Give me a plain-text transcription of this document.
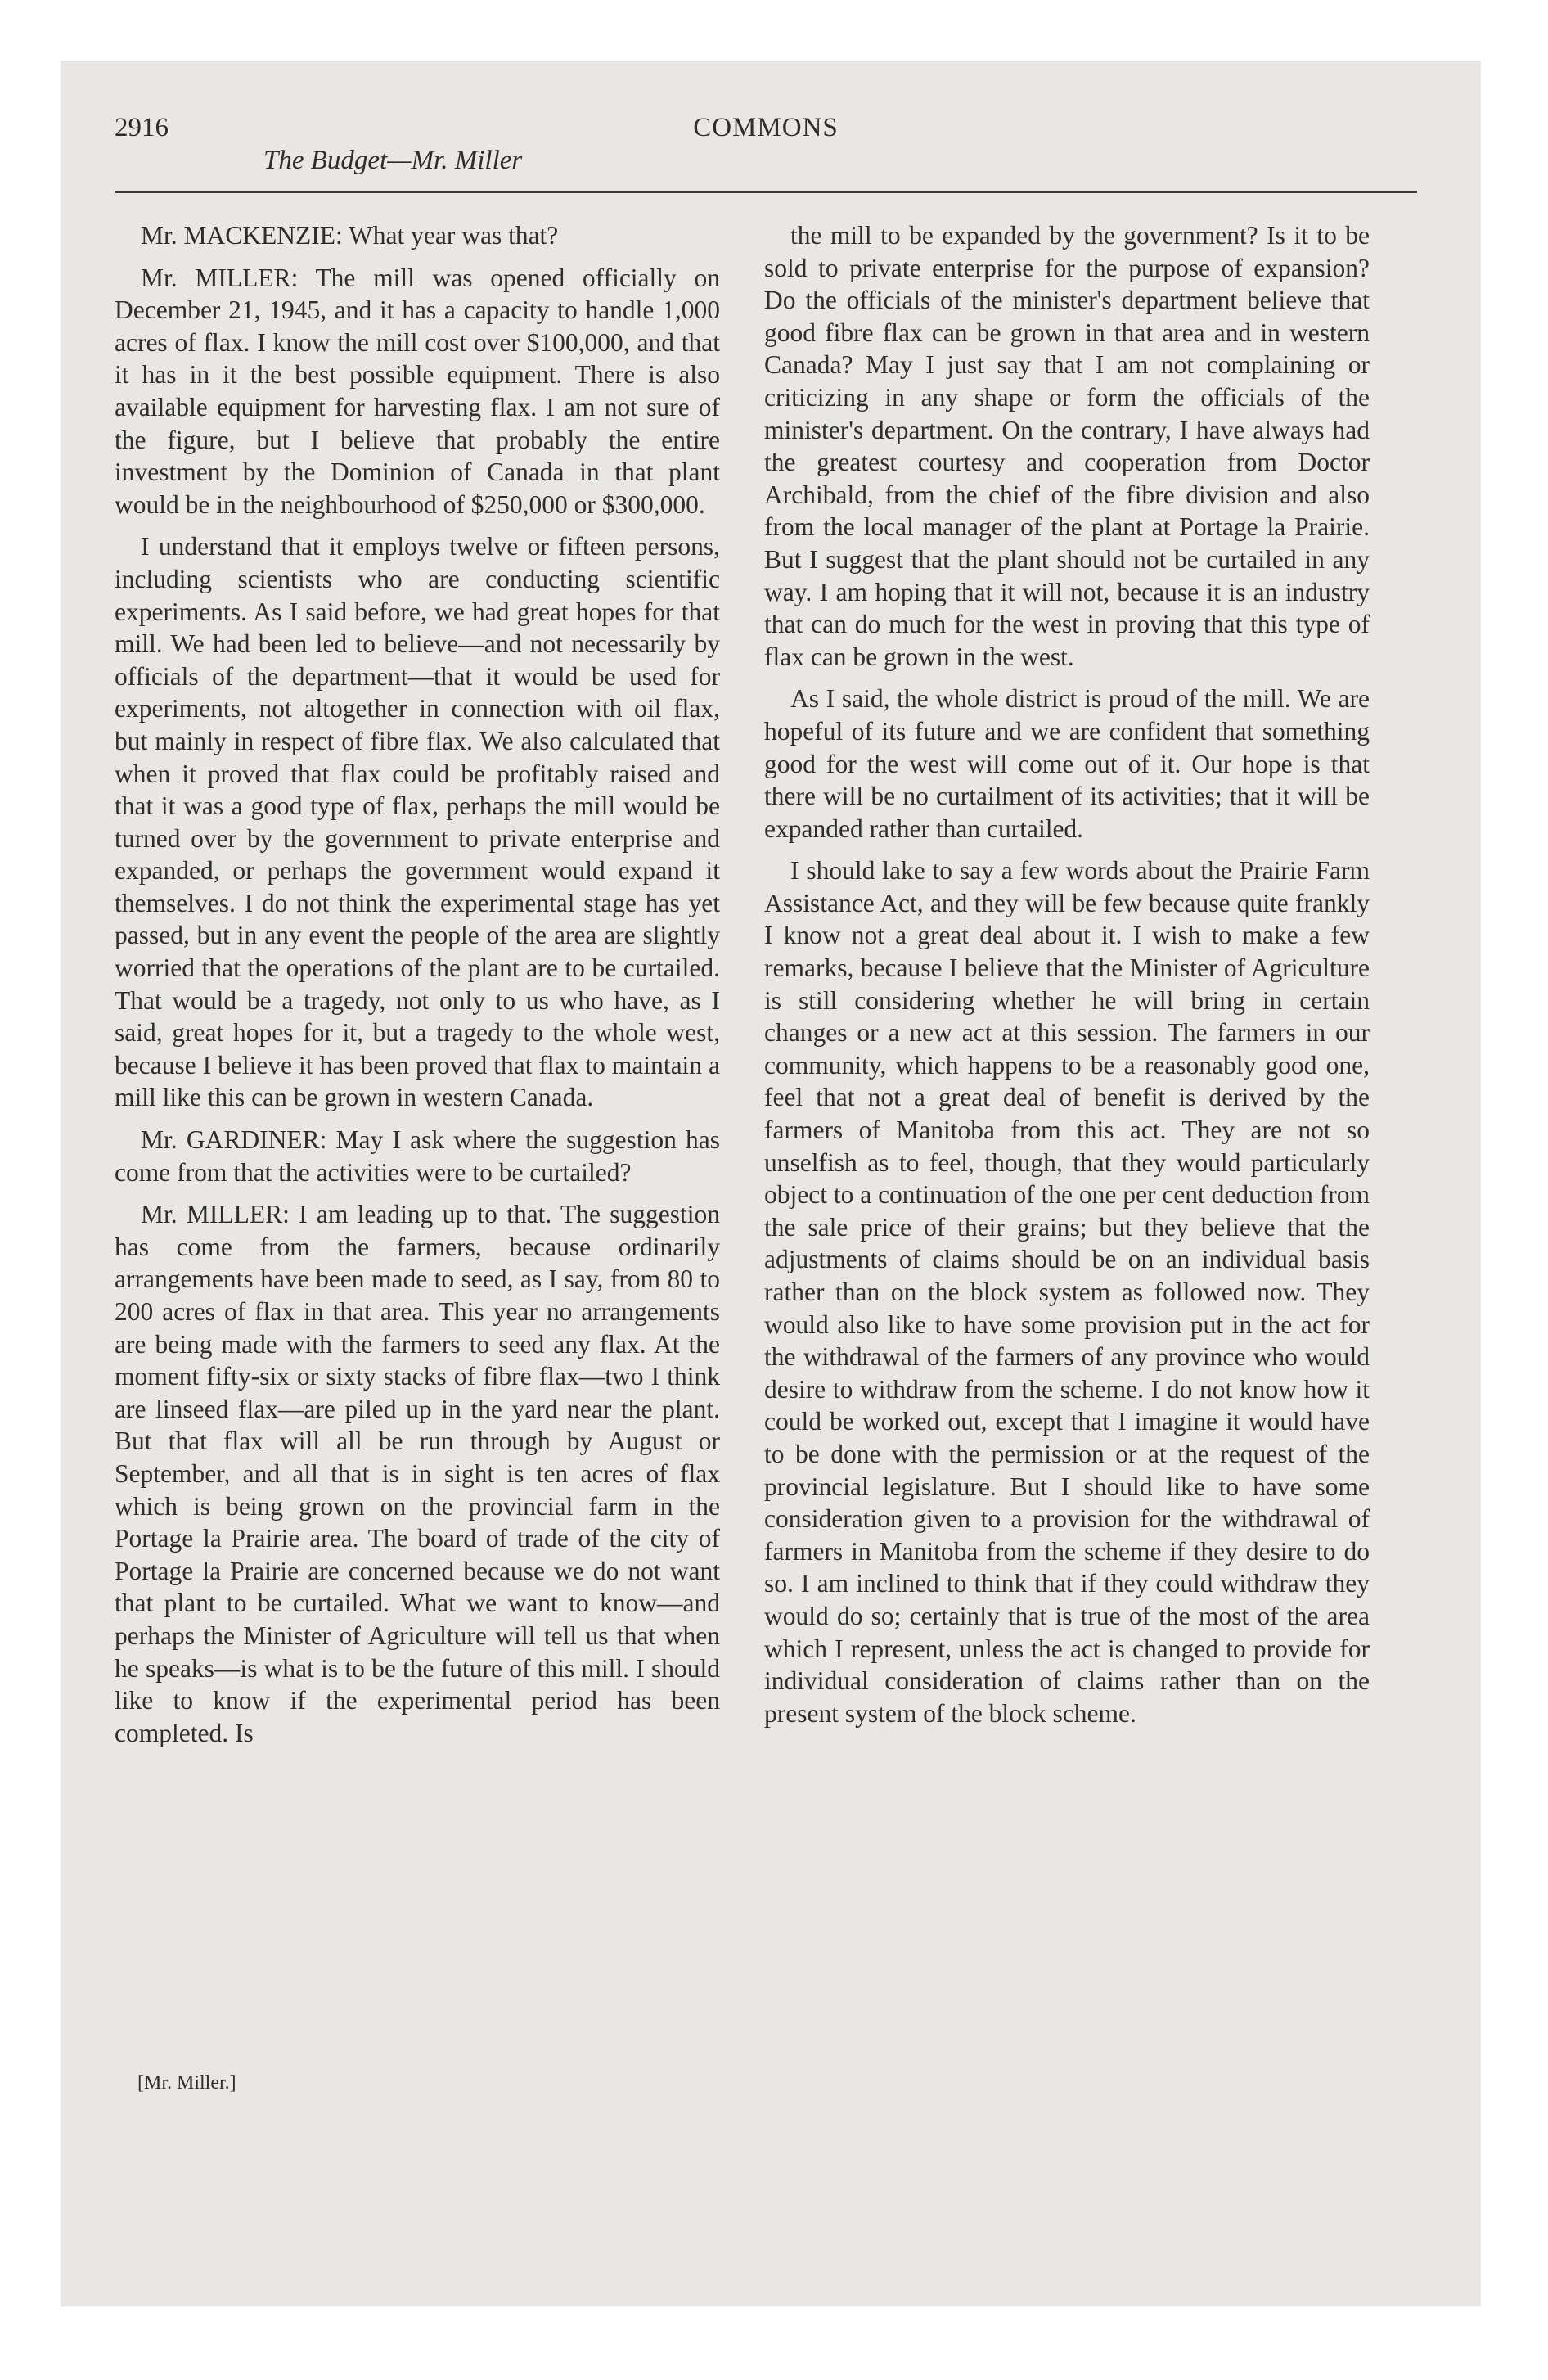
2916	COMMONS
The Budget—Mr. Miller

Mr. MACKENZIE: What year was that?

Mr. MILLER: The mill was opened officially on December 21, 1945, and it has a capacity to handle 1,000 acres of flax. I know the mill cost over $100,000, and that it has in it the best possible equipment. There is also available equipment for harvesting flax. I am not sure of the figure, but I believe that probably the entire investment by the Dominion of Canada in that plant would be in the neighbourhood of $250,000 or $300,000.

I understand that it employs twelve or fifteen persons, including scientists who are conducting scientific experiments. As I said before, we had great hopes for that mill. We had been led to believe—and not necessarily by officials of the department—that it would be used for experiments, not altogether in connection with oil flax, but mainly in respect of fibre flax. We also calculated that when it proved that flax could be profitably raised and that it was a good type of flax, perhaps the mill would be turned over by the government to private enterprise and expanded, or perhaps the government would expand it themselves. I do not think the experimental stage has yet passed, but in any event the people of the area are slightly worried that the operations of the plant are to be curtailed. That would be a tragedy, not only to us who have, as I said, great hopes for it, but a tragedy to the whole west, because I believe it has been proved that flax to maintain a mill like this can be grown in western Canada.

Mr. GARDINER: May I ask where the suggestion has come from that the activities were to be curtailed?

Mr. MILLER: I am leading up to that. The suggestion has come from the farmers, because ordinarily arrangements have been made to seed, as I say, from 80 to 200 acres of flax in that area. This year no arrangements are being made with the farmers to seed any flax. At the moment fifty-six or sixty stacks of fibre flax—two I think are linseed flax—are piled up in the yard near the plant. But that flax will all be run through by August or September, and all that is in sight is ten acres of flax which is being grown on the provincial farm in the Portage la Prairie area. The board of trade of the city of Portage la Prairie are concerned because we do not want that plant to be curtailed. What we want to know—and perhaps the Minister of Agriculture will tell us that when he speaks—is what is to be the future of this mill. I should like to know if the experimental period has been completed. Is

the mill to be expanded by the government? Is it to be sold to private enterprise for the purpose of expansion? Do the officials of the minister's department believe that good fibre flax can be grown in that area and in western Canada? May I just say that I am not complaining or criticizing in any shape or form the officials of the minister's department. On the contrary, I have always had the greatest courtesy and cooperation from Doctor Archibald, from the chief of the fibre division and also from the local manager of the plant at Portage la Prairie. But I suggest that the plant should not be curtailed in any way. I am hoping that it will not, because it is an industry that can do much for the west in proving that this type of flax can be grown in the west.

As I said, the whole district is proud of the mill. We are hopeful of its future and we are confident that something good for the west will come out of it. Our hope is that there will be no curtailment of its activities; that it will be expanded rather than curtailed.

I should lake to say a few words about the Prairie Farm Assistance Act, and they will be few because quite frankly I know not a great deal about it. I wish to make a few remarks, because I believe that the Minister of Agriculture is still considering whether he will bring in certain changes or a new act at this session. The farmers in our community, which happens to be a reasonably good one, feel that not a great deal of benefit is derived by the farmers of Manitoba from this act. They are not so unselfish as to feel, though, that they would particularly object to a continuation of the one per cent deduction from the sale price of their grains; but they believe that the adjustments of claims should be on an individual basis rather than on the block system as followed now. They would also like to have some provision put in the act for the withdrawal of the farmers of any province who would desire to withdraw from the scheme. I do not know how it could be worked out, except that I imagine it would have to be done with the permission or at the request of the provincial legislature. But I should like to have some consideration given to a provision for the withdrawal of farmers in Manitoba from the scheme if they desire to do so. I am inclined to think that if they could withdraw they would do so; certainly that is true of the most of the area which I represent, unless the act is changed to provide for individual consideration of claims rather than on the present system of the block scheme.

[Mr. Miller.]
